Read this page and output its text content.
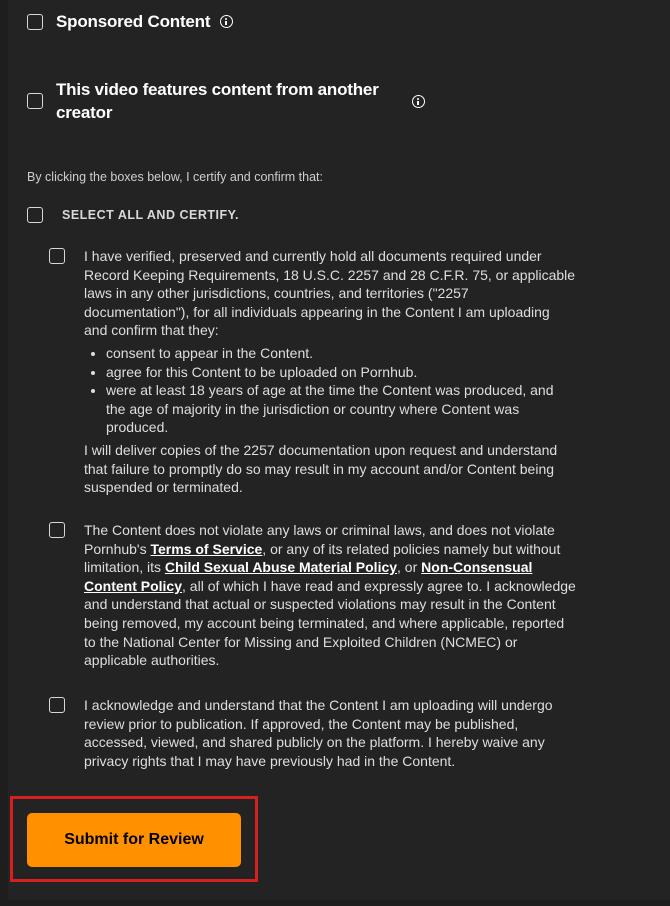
Sponsored Content
This video features content from another creator
By clicking the boxes below, I certify and confirm that:
SELECT ALL AND CERTIFY.

I have verified, preserved and currently hold all documents required under Record Keeping Requirements, 18 U.S.C. 2257 and 28 C.F.R. 75, or applicable laws in any other jurisdictions, countries, and territories ("2257 documentation"), for all individuals appearing in the Content I am uploading and confirm that they:

• consent to appear in the Content.
• agree for this Content to be uploaded on Pornhub.
• were at least 18 years of age at the time the Content was produced, and the age of majority in the jurisdiction or country where Content was produced.

I will deliver copies of the 2257 documentation upon request and understand that failure to promptly do so may result in my account and/or Content being suspended or terminated.

The Content does not violate any laws or criminal laws, and does not violate Pornhub's Terms of Service, or any of its related policies namely but without limitation, its Child Sexual Abuse Material Policy, or Non-Consensual Content Policy, all of which I have read and expressly agree to. I acknowledge and understand that actual or suspected violations may result in the Content being removed, my account being terminated, and where applicable, reported to the National Center for Missing and Exploited Children (NCMEC) or applicable authorities.

I acknowledge and understand that the Content I am uploading will undergo review prior to publication. If approved, the Content may be published, accessed, viewed, and shared publicly on the platform. I hereby waive any privacy rights that I may have previously had in the Content.
Submit for Review
